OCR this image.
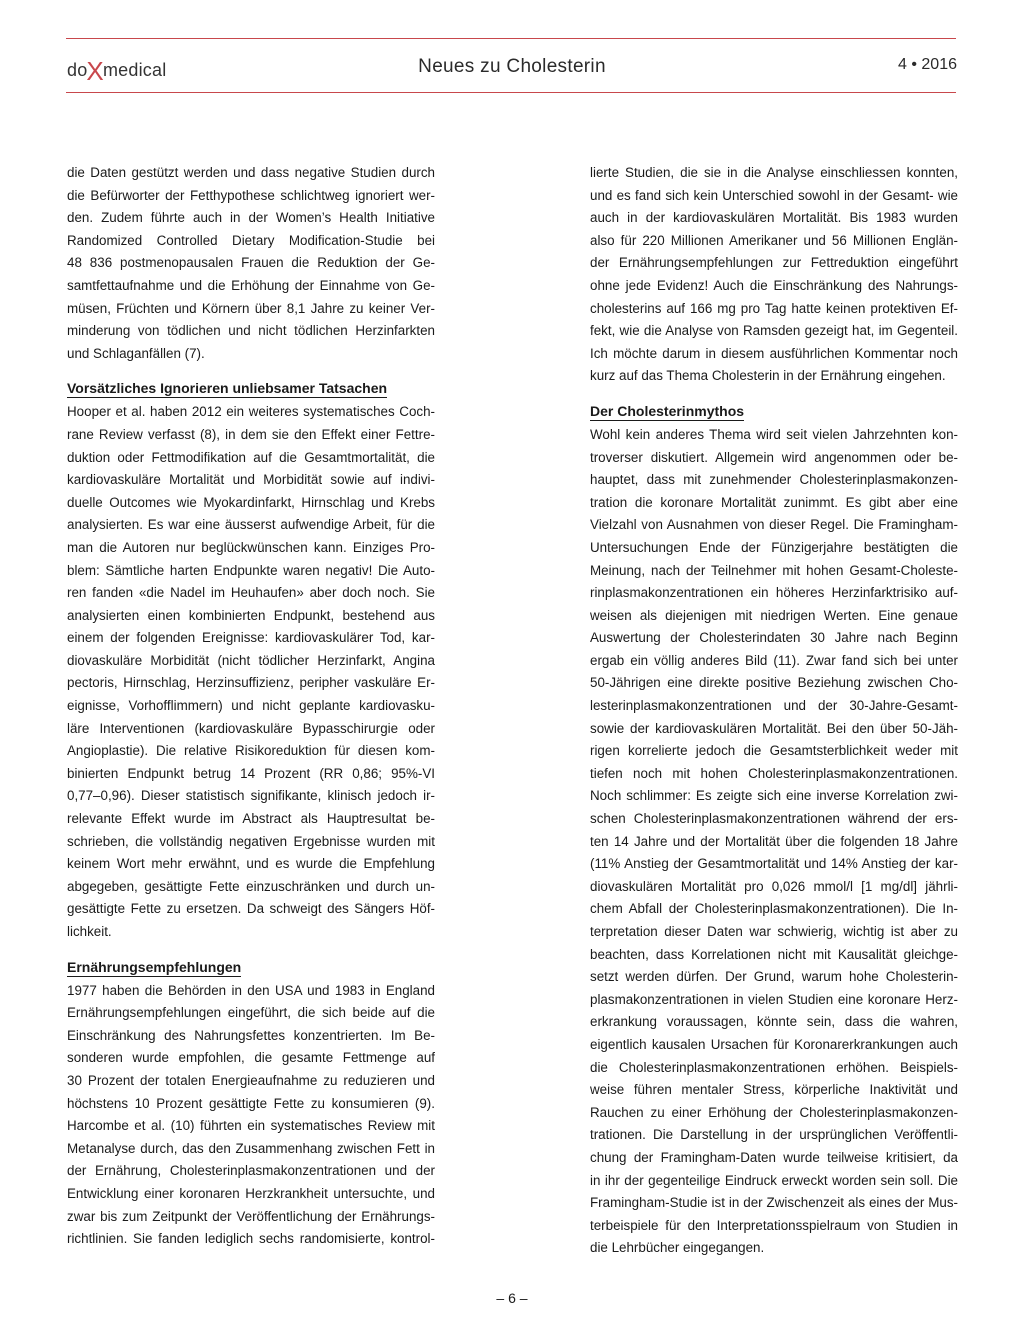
doXmedical	Neues zu Cholesterin	4 • 2016
die Daten gestützt werden und dass negative Studien durch
die Befürworter der Fetthypothese schlichtweg ignoriert wer-
den. Zudem führte auch in der Women’s Health Initiative
Randomized Controlled Dietary Modification-Studie bei
48 836 postmenopausalen Frauen die Reduktion der Ge-
samtfettaufnahme und die Erhöhung der Einnahme von Ge-
müsen, Früchten und Körnern über 8,1 Jahre zu keiner Ver-
minderung von tödlichen und nicht tödlichen Herzinfarkten
und Schlaganfällen (7).
Vorsätzliches Ignorieren unliebsamer Tatsachen
Hooper et al. haben 2012 ein weiteres systematisches Coch-
rane Review verfasst (8), in dem sie den Effekt einer Fettre-
duktion oder Fettmodifikation auf die Gesamtmortalität, die
kardiovaskuläre Mortalität und Morbidität sowie auf indivi-
duelle Outcomes wie Myokardinfarkt, Hirnschlag und Krebs
analysierten. Es war eine äusserst aufwendige Arbeit, für die
man die Autoren nur beglückwünschen kann. Einziges Pro-
blem: Sämtliche harten Endpunkte waren negativ! Die Auto-
ren fanden «die Nadel im Heuhaufen» aber doch noch. Sie
analysierten einen kombinierten Endpunkt, bestehend aus
einem der folgenden Ereignisse: kardiovaskulärer Tod, kar-
diovaskuläre Morbidität (nicht tödlicher Herzinfarkt, Angina
pectoris, Hirnschlag, Herzinsuffizienz, peripher vaskuläre Er-
eignisse, Vorhofflimmern) und nicht geplante kardiovasku-
läre Interventionen (kardiovaskuläre Bypasschirurgie oder
Angioplastie). Die relative Risikoreduktion für diesen kom-
binierten Endpunkt betrug 14 Prozent (RR 0,86; 95%-VI
0,77–0,96). Dieser statistisch signifikante, klinisch jedoch ir-
relevante Effekt wurde im Abstract als Hauptresultat be-
schrieben, die vollständig negativen Ergebnisse wurden mit
keinem Wort mehr erwähnt, und es wurde die Empfehlung
abgegeben, gesättigte Fette einzuschränken und durch un-
gesättigte Fette zu ersetzen. Da schweigt des Sängers Höf-
lichkeit.
Ernährungsempfehlungen
1977 haben die Behörden in den USA und 1983 in England
Ernährungsempfehlungen eingeführt, die sich beide auf die
Einschränkung des Nahrungsfettes konzentrierten. Im Be-
sonderen wurde empfohlen, die gesamte Fettmenge auf
30 Prozent der totalen Energieaufnahme zu reduzieren und
höchstens 10 Prozent gesättigte Fette zu konsumieren (9).
Harcombe et al. (10) führten ein systematisches Review mit
Metanalyse durch, das den Zusammenhang zwischen Fett in
der Ernährung, Cholesterinplasmakonzentrationen und der
Entwicklung einer koronaren Herzkrankheit untersuchte, und
zwar bis zum Zeitpunkt der Veröffentlichung der Ernährungs-
richtlinien. Sie fanden lediglich sechs randomisierte, kontrol-
lierte Studien, die sie in die Analyse einschliessen konnten,
und es fand sich kein Unterschied sowohl in der Gesamt- wie
auch in der kardiovaskulären Mortalität. Bis 1983 wurden
also für 220 Millionen Amerikaner und 56 Millionen Englän-
der Ernährungsempfehlungen zur Fettreduktion eingeführt
ohne jede Evidenz! Auch die Einschränkung des Nahrungs-
cholesterins auf 166 mg pro Tag hatte keinen protektiven Ef-
fekt, wie die Analyse von Ramsden gezeigt hat, im Gegenteil.
Ich möchte darum in diesem ausführlichen Kommentar noch
kurz auf das Thema Cholesterin in der Ernährung eingehen.
Der Cholesterinmythos
Wohl kein anderes Thema wird seit vielen Jahrzehnten kon-
troverser diskutiert. Allgemein wird angenommen oder be-
hauptet, dass mit zunehmender Cholesterinplasmakonzen-
tration die koronare Mortalität zunimmt. Es gibt aber eine
Vielzahl von Ausnahmen von dieser Regel. Die Framingham-
Untersuchungen Ende der Fünzigerjahre bestätigten die
Meinung, nach der Teilnehmer mit hohen Gesamt-Choleste-
rinplasmakonzentrationen ein höheres Herzinfarktrisiko auf-
weisen als diejenigen mit niedrigen Werten. Eine genaue
Auswertung der Cholesterindaten 30 Jahre nach Beginn
ergab ein völlig anderes Bild (11). Zwar fand sich bei unter
50-Jährigen eine direkte positive Beziehung zwischen Cho-
lesterinplasmakonzentrationen und der 30-Jahre-Gesamt-
sowie der kardiovaskulären Mortalität. Bei den über 50-Jäh-
rigen korrelierte jedoch die Gesamtsterblichkeit weder mit
tiefen noch mit hohen Cholesterinplasmakonzentrationen.
Noch schlimmer: Es zeigte sich eine inverse Korrelation zwi-
schen Cholesterinplasmakonzentrationen während der ers-
ten 14 Jahre und der Mortalität über die folgenden 18 Jahre
(11% Anstieg der Gesamtmortalität und 14% Anstieg der kar-
diovaskulären Mortalität pro 0,026 mmol/l [1 mg/dl] jährli-
chem Abfall der Cholesterinplasmakonzentrationen). Die In-
terpretation dieser Daten war schwierig, wichtig ist aber zu
beachten, dass Korrelationen nicht mit Kausalität gleichge-
setzt werden dürfen. Der Grund, warum hohe Cholesterin-
plasmakonzentrationen in vielen Studien eine koronare Herz-
erkrankung voraussagen, könnte sein, dass die wahren,
eigentlich kausalen Ursachen für Koronarerkrankungen auch
die Cholesterinplasmakonzentrationen erhöhen. Beispiels-
weise führen mentaler Stress, körperliche Inaktivität und
Rauchen zu einer Erhöhung der Cholesterinplasmakonzen-
trationen. Die Darstellung in der ursprünglichen Veröffentli-
chung der Framingham-Daten wurde teilweise kritisiert, da
in ihr der gegenteilige Eindruck erweckt worden sein soll. Die
Framingham-Studie ist in der Zwischenzeit als eines der Mus-
terbeispiele für den Interpretationsspielraum von Studien in
die Lehrbücher eingegangen.
– 6 –
